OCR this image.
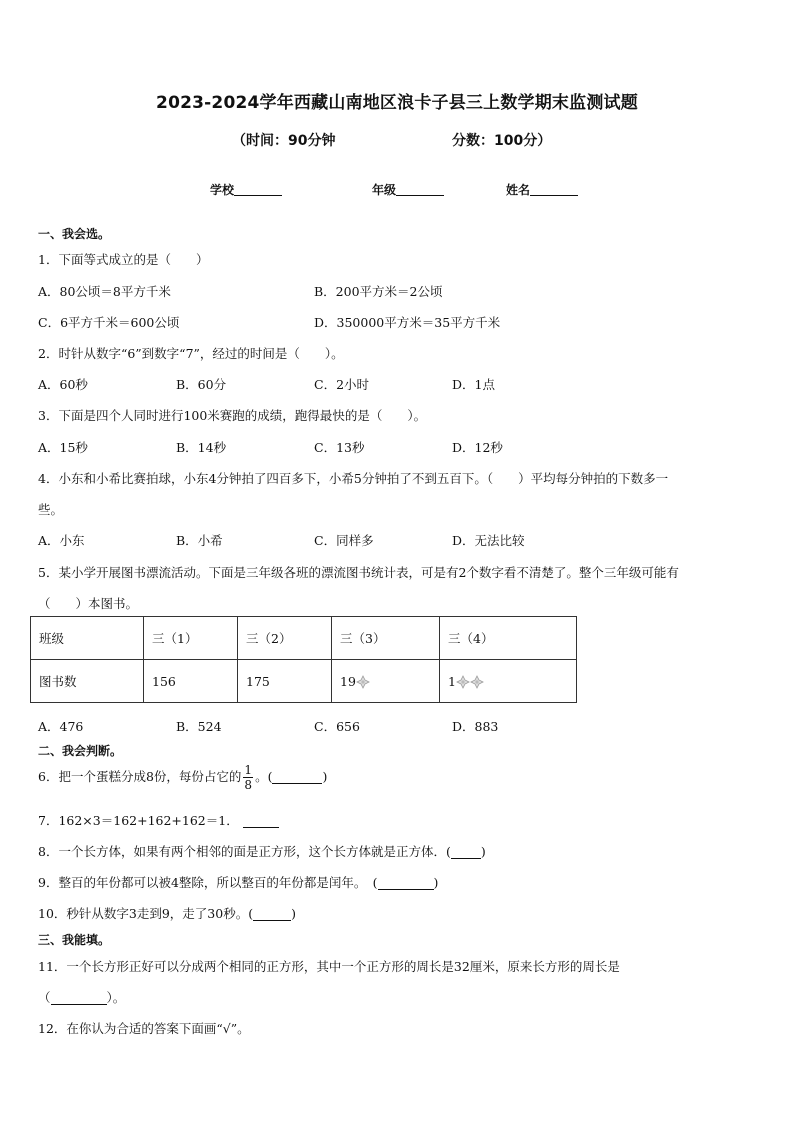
2023-2024学年西藏山南地区浪卡子县三上数学期末监测试题
（时间：90分钟	分数：100分）
学校	年级	姓名
一、我会选。
1．下面等式成立的是（　　）
A．80公顷＝8平方千米	B．200平方米＝2公顷
C．6平方千米＝600公顷	D．350000平方米＝35平方千米
2．时针从数字“6”到数字“7”，经过的时间是（　　）。
A．60秒	B．60分	C．2小时	D．1点
3．下面是四个人同时进行100米赛跑的成绩，跑得最快的是（　　）。
A．15秒	B．14秒	C．13秒	D．12秒
4．小东和小希比赛拍球，小东4分钟拍了四百多下，小希5分钟拍了不到五百下。（　　）平均每分钟拍的下数多一
些。
A．小东	B．小希	C．同样多	D．无法比较
5．某小学开展图书漂流活动。下面是三年级各班的漂流图书统计表，可是有2个数字看不清楚了。整个三年级可能有
（　　）本图书。
班级	三（1）	三（2）	三（3）	三（4）
图书数	156	175	19	1
A．476	B．524	C．656	D．883
二、我会判断。
6．把一个蛋糕分成8份，每份占它的 $\frac{1}{8}$ 。(	)
7．162×3＝162+162+162＝1．
8．一个长方体，如果有两个相邻的面是正方形，这个长方体就是正方体．( )
9．整百的年份都可以被4整除，所以整百的年份都是闰年。　(	)
10．秒针从数字3走到9，走了30秒。(	)
三、我能填。
11．一个长方形正好可以分成两个相同的正方形，其中一个正方形的周长是32厘米，原来长方形的周长是
（	）。
12．在你认为合适的答案下面画“√”。
